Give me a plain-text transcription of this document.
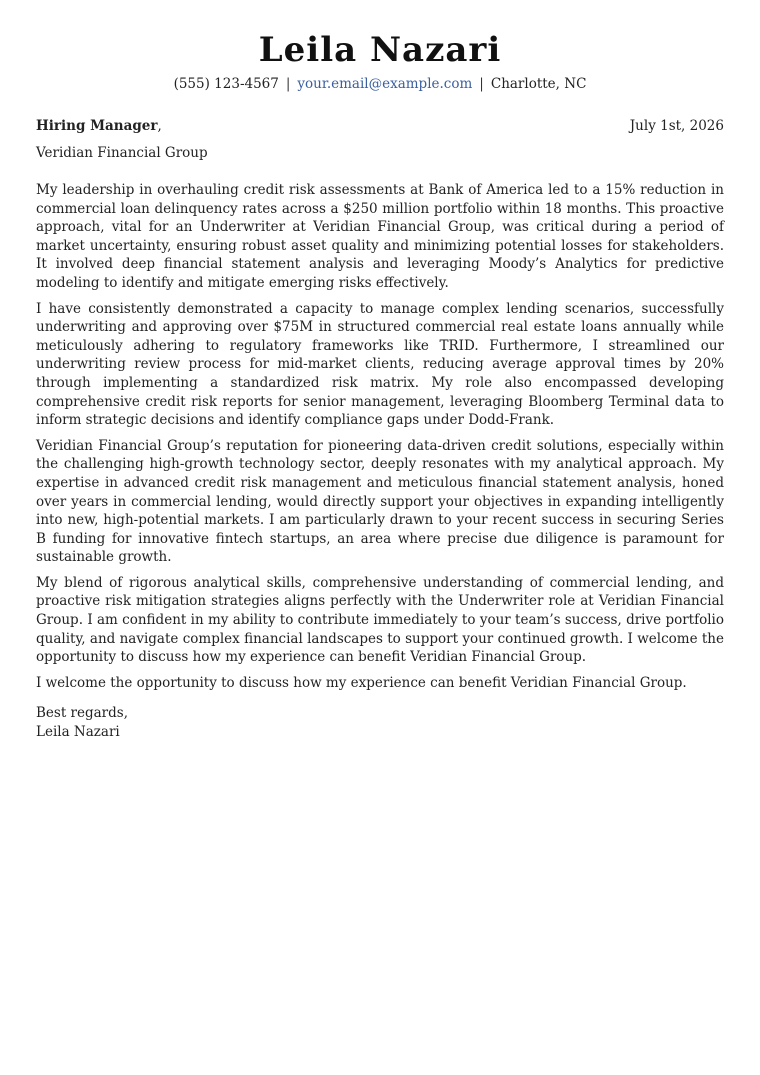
Leila Nazari
(555) 123-4567 | your.email@example.com | Charlotte, NC
Hiring Manager,	July 1st, 2026
Veridian Financial Group

My leadership in overhauling credit risk assessments at Bank of America led to a 15% reduction in commercial loan delinquency rates across a $250 million portfolio within 18 months. This proactive approach, vital for an Underwriter at Veridian Financial Group, was critical during a period of market uncertainty, ensuring robust asset quality and minimizing potential losses for stakeholders. It involved deep financial statement analysis and leveraging Moody’s Analytics for predictive modeling to identify and mitigate emerging risks effectively.

I have consistently demonstrated a capacity to manage complex lending scenarios, successfully underwriting and approving over $75M in structured commercial real estate loans annually while meticulously adhering to regulatory frameworks like TRID. Furthermore, I streamlined our underwriting review process for mid-market clients, reducing average approval times by 20% through implementing a standardized risk matrix. My role also encompassed developing comprehensive credit risk reports for senior management, leveraging Bloomberg Terminal data to inform strategic decisions and identify compliance gaps under Dodd-Frank.

Veridian Financial Group’s reputation for pioneering data-driven credit solutions, especially within the challenging high-growth technology sector, deeply resonates with my analytical approach. My expertise in advanced credit risk management and meticulous financial statement analysis, honed over years in commercial lending, would directly support your objectives in expanding intelligently into new, high-potential markets. I am particularly drawn to your recent success in securing Series B funding for innovative fintech startups, an area where precise due diligence is paramount for sustainable growth.

My blend of rigorous analytical skills, comprehensive understanding of commercial lending, and proactive risk mitigation strategies aligns perfectly with the Underwriter role at Veridian Financial Group. I am confident in my ability to contribute immediately to your team’s success, drive portfolio quality, and navigate complex financial landscapes to support your continued growth. I welcome the opportunity to discuss how my experience can benefit Veridian Financial Group.

I welcome the opportunity to discuss how my experience can benefit Veridian Financial Group.

Best regards,
Leila Nazari
